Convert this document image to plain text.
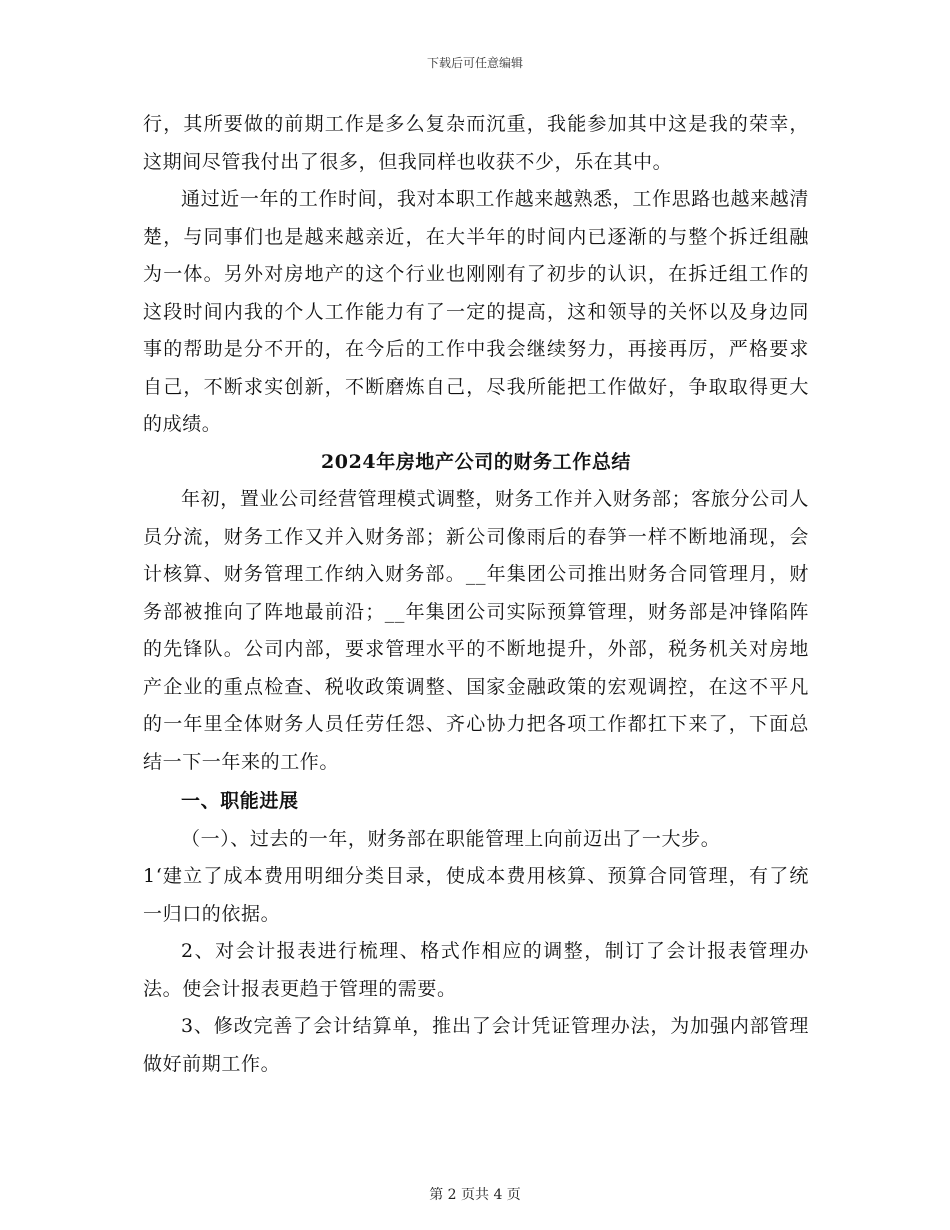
下载后可任意编辑

行，其所要做的前期工作是多么复杂而沉重，我能参加其中这是我的荣幸，这期间尽管我付出了很多，但我同样也收获不少，乐在其中。

通过近一年的工作时间，我对本职工作越来越熟悉，工作思路也越来越清楚，与同事们也是越来越亲近，在大半年的时间内已逐渐的与整个拆迁组融为一体。另外对房地产的这个行业也刚刚有了初步的认识，在拆迁组工作的这段时间内我的个人工作能力有了一定的提高，这和领导的关怀以及身边同事的帮助是分不开的，在今后的工作中我会继续努力，再接再厉，严格要求自己，不断求实创新，不断磨炼自己，尽我所能把工作做好，争取取得更大的成绩。

2024年房地产公司的财务工作总结

年初，置业公司经营管理模式调整，财务工作并入财务部；客旅分公司人员分流，财务工作又并入财务部；新公司像雨后的春笋一样不断地涌现，会计核算、财务管理工作纳入财务部。__年集团公司推出财务合同管理月，财务部被推向了阵地最前沿；__年集团公司实际预算管理，财务部是冲锋陷阵的先锋队。公司内部，要求管理水平的不断地提升，外部，税务机关对房地产企业的重点检查、税收政策调整、国家金融政策的宏观调控，在这不平凡的一年里全体财务人员任劳任怨、齐心协力把各项工作都扛下来了，下面总结一下一年来的工作。

一、职能进展

（一）、过去的一年，财务部在职能管理上向前迈出了一大步。

1‘建立了成本费用明细分类目录，使成本费用核算、预算合同管理，有了统一归口的依据。

2、对会计报表进行梳理、格式作相应的调整，制订了会计报表管理办法。使会计报表更趋于管理的需要。

3、修改完善了会计结算单，推出了会计凭证管理办法，为加强内部管理做好前期工作。

第 2 页共 4 页
